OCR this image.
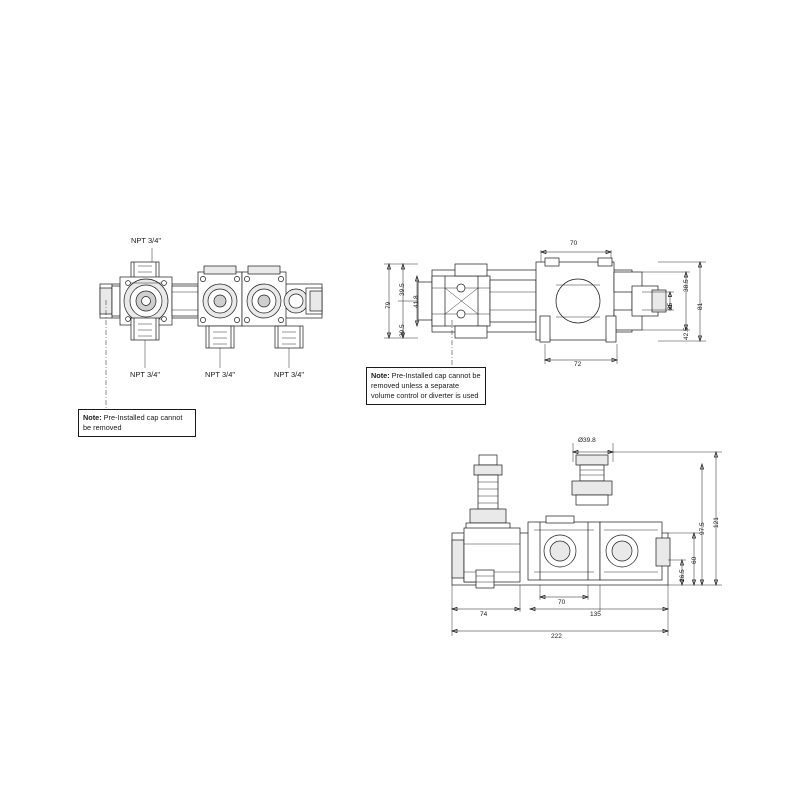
NPT 3/4"
NPT 3/4"	NPT 3/4"	NPT 3/4"
Note: Pre-Installed cap cannot be removed
70
72
79
39.5
41.8
39.5
38.5
25
42.5
81
Note: Pre-Installed cap cannot be removed unless a separate volume control or diverter is used
Ø39.8
121
97.5
60
26.5
74
70
135
222
